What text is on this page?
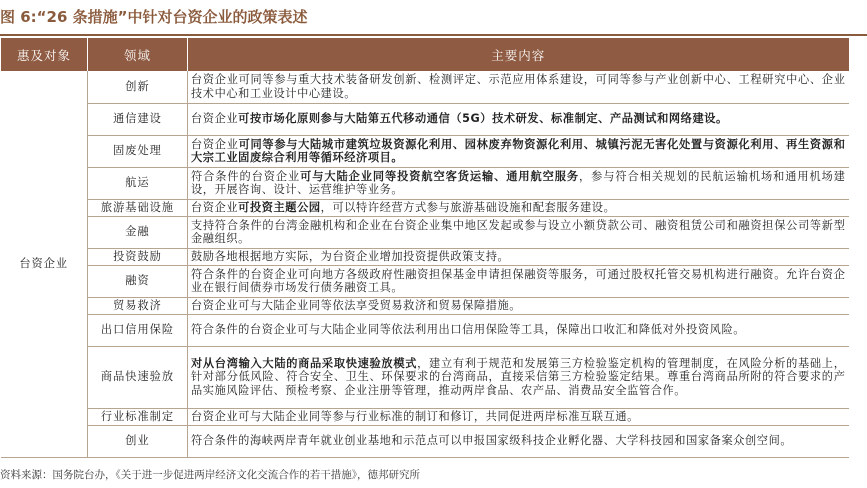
图 6:“26 条措施”中针对台资企业的政策表述
惠及对象	领域	主要内容
台资企业	创新	台资企业可同等参与重大技术装备研发创新、检测评定、示范应用体系建设，可同等参与产业创新中心、工程研究中心、企业技术中心和工业设计中心建设。
	通信建设	台资企业可按市场化原则参与大陆第五代移动通信（5G）技术研发、标准制定、产品测试和网络建设。
	固废处理	台资企业可同等参与大陆城市建筑垃圾资源化利用、园林废弃物资源化利用、城镇污泥无害化处置与资源化利用、再生资源和大宗工业固废综合利用等循环经济项目。
	航运	符合条件的台资企业可与大陆企业同等投资航空客货运输、通用航空服务，参与符合相关规划的民航运输机场和通用机场建设，开展咨询、设计、运营维护等业务。
	旅游基础设施	台资企业可投资主题公园，可以特许经营方式参与旅游基础设施和配套服务建设。
	金融	支持符合条件的台湾金融机构和企业在台资企业集中地区发起或参与设立小额贷款公司、融资租赁公司和融资担保公司等新型金融组织。
	投资鼓励	鼓励各地根据地方实际，为台资企业增加投资提供政策支持。
	融资	符合条件的台资企业可向地方各级政府性融资担保基金申请担保融资等服务，可通过股权托管交易机构进行融资。允许台资企业在银行间债券市场发行债务融资工具。
	贸易救济	台资企业可与大陆企业同等依法享受贸易救济和贸易保障措施。
	出口信用保险	符合条件的台资企业可与大陆企业同等依法利用出口信用保险等工具，保障出口收汇和降低对外投资风险。
	商品快速验放	对从台湾输入大陆的商品采取快速验放模式，建立有利于规范和发展第三方检验鉴定机构的管理制度，在风险分析的基础上，针对部分低风险、符合安全、卫生、环保要求的台湾商品，直接采信第三方检验鉴定结果。尊重台湾商品所附的符合要求的产品实施风险评估、预检考察、企业注册等管理，推动两岸食品、农产品、消费品安全监管合作。
	行业标准制定	台资企业可与大陆企业同等参与行业标准的制订和修订，共同促进两岸标准互联互通。
	创业	符合条件的海峡两岸青年就业创业基地和示范点可以申报国家级科技企业孵化器、大学科技园和国家备案众创空间。
资料来源：国务院台办，《关于进一步促进两岸经济文化交流合作的若干措施》，德邦研究所
